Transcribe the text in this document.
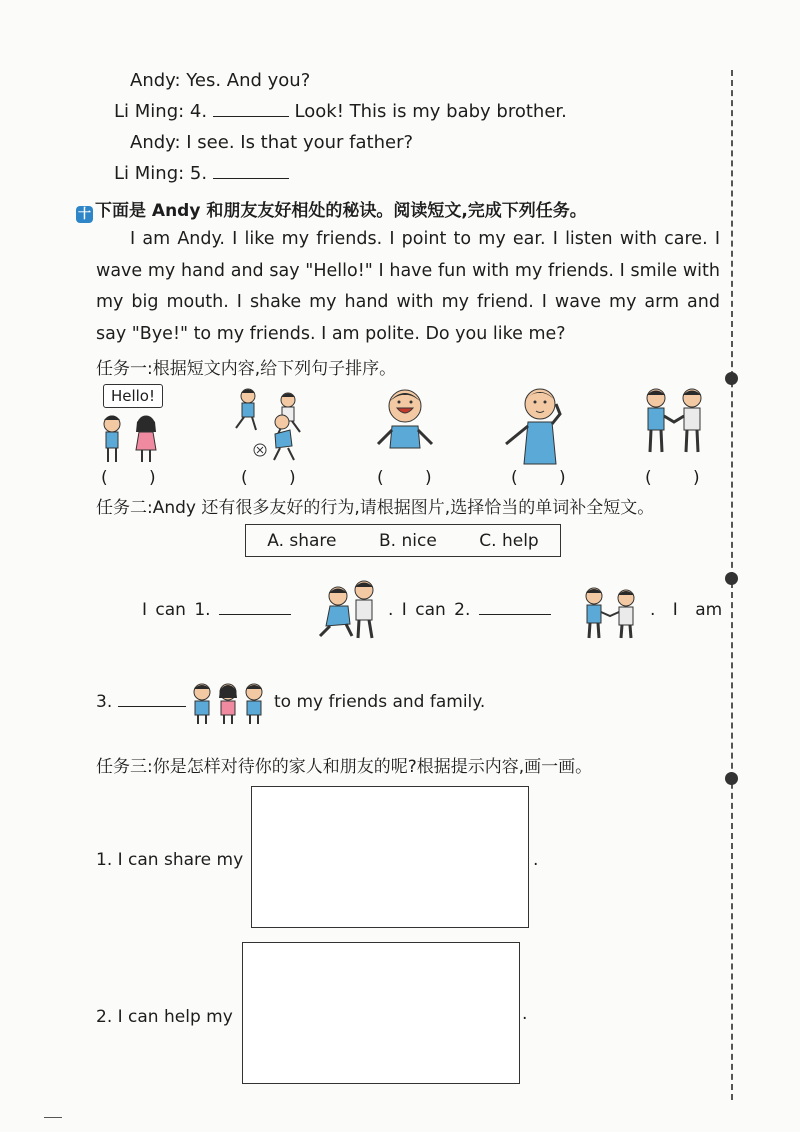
Andy: Yes. And you?
Li Ming: 4.	Look! This is my baby brother.
Andy: I see. Is that your father?
Li Ming: 5.
十 下面是 Andy 和朋友友好相处的秘诀。阅读短文,完成下列任务。
I am Andy. I like my friends. I point to my ear. I listen with care. I wave my hand and say "Hello!" I have fun with my friends. I smile with my big mouth. I shake my hand with my friend. I wave my arm and say "Bye!" to my friends. I am polite. Do you like me?
任务一:根据短文内容,给下列句子排序。
Hello!
( )	( )	( )	( )	( )
任务二:Andy 还有很多友好的行为,请根据图片,选择恰当的单词补全短文。
A. share	B. nice	C. help
I can 1.	. I can 2.	. I am
3.	to my friends and family.
任务三:你是怎样对待你的家人和朋友的呢?根据提示内容,画一画。
1. I can share my	.
2. I can help my	.
